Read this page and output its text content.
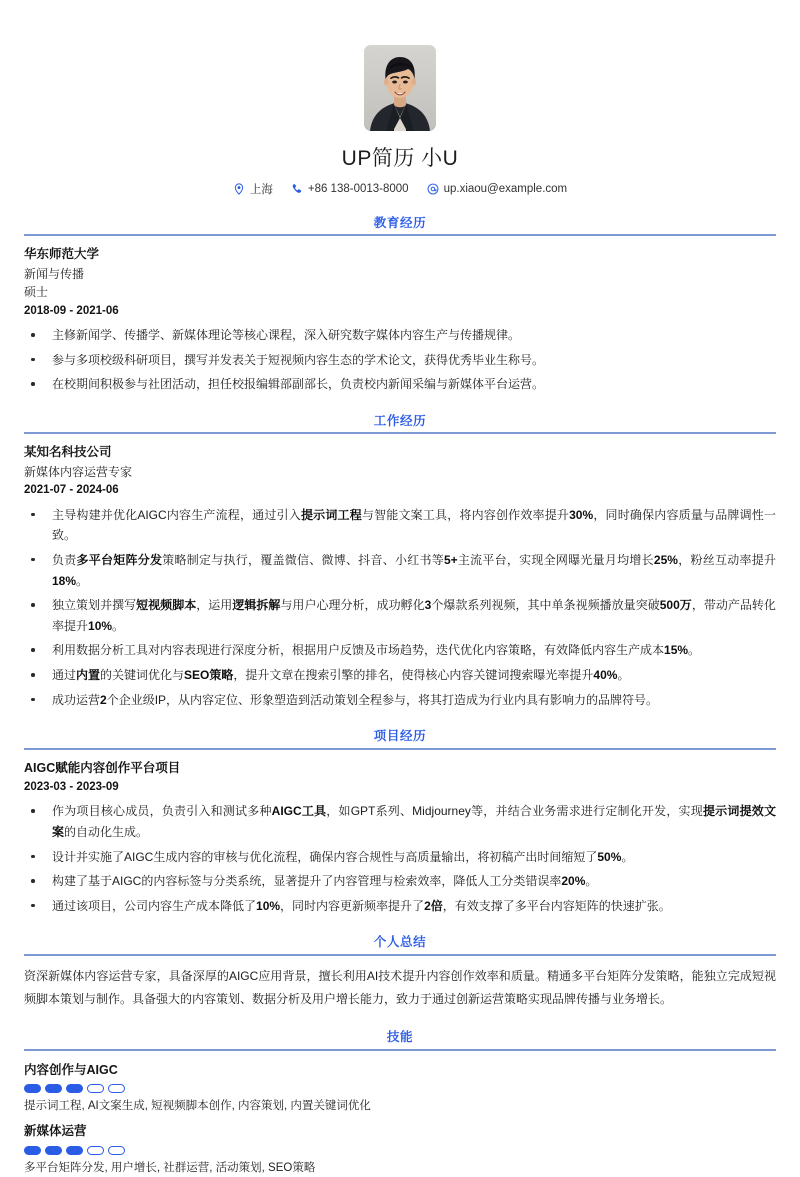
UP简历 小U
上海	+86 138-0013-8000	up.xiaou@example.com
教育经历
华东师范大学
新闻与传播
硕士
2018-09 - 2021-06
主修新闻学、传播学、新媒体理论等核心课程，深入研究数字媒体内容生产与传播规律。
参与多项校级科研项目，撰写并发表关于短视频内容生态的学术论文，获得优秀毕业生称号。
在校期间积极参与社团活动，担任校报编辑部副部长，负责校内新闻采编与新媒体平台运营。
工作经历
某知名科技公司
新媒体内容运营专家
2021-07 - 2024-06
主导构建并优化AIGC内容生产流程，通过引入提示词工程与智能文案工具，将内容创作效率提升30%，同时确保内容质量与品牌调性一致。
负责多平台矩阵分发策略制定与执行，覆盖微信、微博、抖音、小红书等5+主流平台，实现全网曝光量月均增长25%，粉丝互动率提升18%。
独立策划并撰写短视频脚本，运用逻辑拆解与用户心理分析，成功孵化3个爆款系列视频，其中单条视频播放量突破500万，带动产品转化率提升10%。
利用数据分析工具对内容表现进行深度分析，根据用户反馈及市场趋势，迭代优化内容策略，有效降低内容生产成本15%。
通过内置的关键词优化与SEO策略，提升文章在搜索引擎的排名，使得核心内容关键词搜索曝光率提升40%。
成功运营2个企业级IP，从内容定位、形象塑造到活动策划全程参与，将其打造成为行业内具有影响力的品牌符号。
项目经历
AIGC赋能内容创作平台项目
2023-03 - 2023-09
作为项目核心成员，负责引入和测试多种AIGC工具，如GPT系列、Midjourney等，并结合业务需求进行定制化开发，实现提示词提效文案的自动化生成。
设计并实施了AIGC生成内容的审核与优化流程，确保内容合规性与高质量输出，将初稿产出时间缩短了50%。
构建了基于AIGC的内容标签与分类系统，显著提升了内容管理与检索效率，降低人工分类错误率20%。
通过该项目，公司内容生产成本降低了10%，同时内容更新频率提升了2倍，有效支撑了多平台内容矩阵的快速扩张。
个人总结
资深新媒体内容运营专家，具备深厚的AIGC应用背景，擅长利用AI技术提升内容创作效率和质量。精通多平台矩阵分发策略，能独立完成短视频脚本策划与制作。具备强大的内容策划、数据分析及用户增长能力，致力于通过创新运营策略实现品牌传播与业务增长。
技能
内容创作与AIGC
提示词工程, AI文案生成, 短视频脚本创作, 内容策划, 内置关键词优化
新媒体运营
多平台矩阵分发, 用户增长, 社群运营, 活动策划, SEO策略
